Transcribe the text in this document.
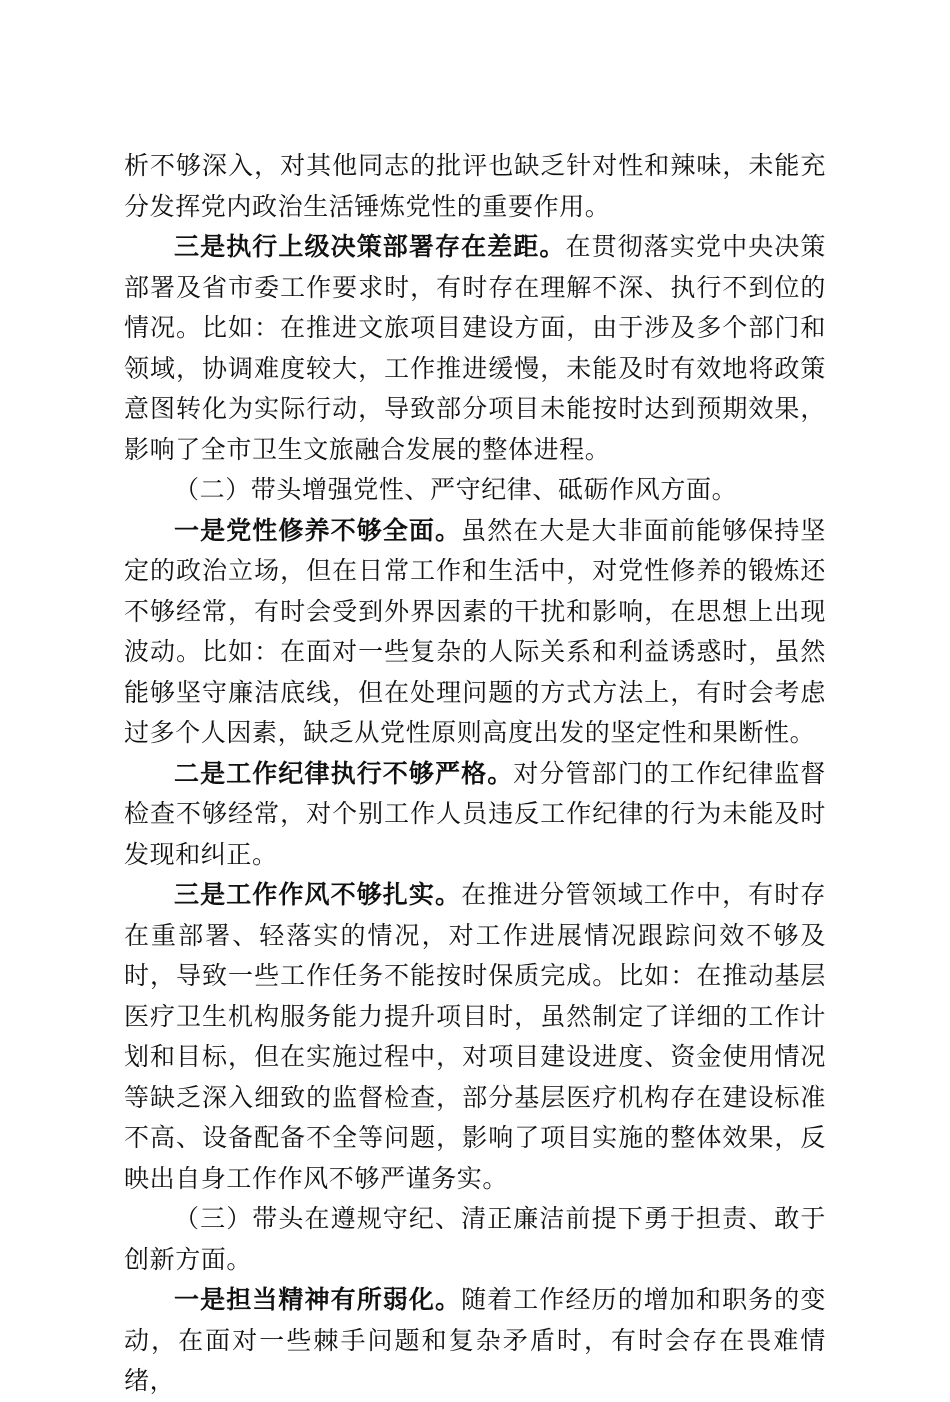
析不够深入，对其他同志的批评也缺乏针对性和辣味，未能充分发挥党内政治生活锤炼党性的重要作用。

三是执行上级决策部署存在差距。在贯彻落实党中央决策部署及省市委工作要求时，有时存在理解不深、执行不到位的情况。比如：在推进文旅项目建设方面，由于涉及多个部门和领域，协调难度较大，工作推进缓慢，未能及时有效地将政策意图转化为实际行动，导致部分项目未能按时达到预期效果，影响了全市卫生文旅融合发展的整体进程。

（二）带头增强党性、严守纪律、砥砺作风方面。

一是党性修养不够全面。虽然在大是大非面前能够保持坚定的政治立场，但在日常工作和生活中，对党性修养的锻炼还不够经常，有时会受到外界因素的干扰和影响，在思想上出现波动。比如：在面对一些复杂的人际关系和利益诱惑时，虽然能够坚守廉洁底线，但在处理问题的方式方法上，有时会考虑过多个人因素，缺乏从党性原则高度出发的坚定性和果断性。

二是工作纪律执行不够严格。对分管部门的工作纪律监督检查不够经常，对个别工作人员违反工作纪律的行为未能及时发现和纠正。

三是工作作风不够扎实。在推进分管领域工作中，有时存在重部署、轻落实的情况，对工作进展情况跟踪问效不够及时，导致一些工作任务不能按时保质完成。比如：在推动基层医疗卫生机构服务能力提升项目时，虽然制定了详细的工作计划和目标，但在实施过程中，对项目建设进度、资金使用情况等缺乏深入细致的监督检查，部分基层医疗机构存在建设标准不高、设备配备不全等问题，影响了项目实施的整体效果，反映出自身工作作风不够严谨务实。

（三）带头在遵规守纪、清正廉洁前提下勇于担责、敢于创新方面。

一是担当精神有所弱化。随着工作经历的增加和职务的变动，在面对一些棘手问题和复杂矛盾时，有时会存在畏难情绪，
